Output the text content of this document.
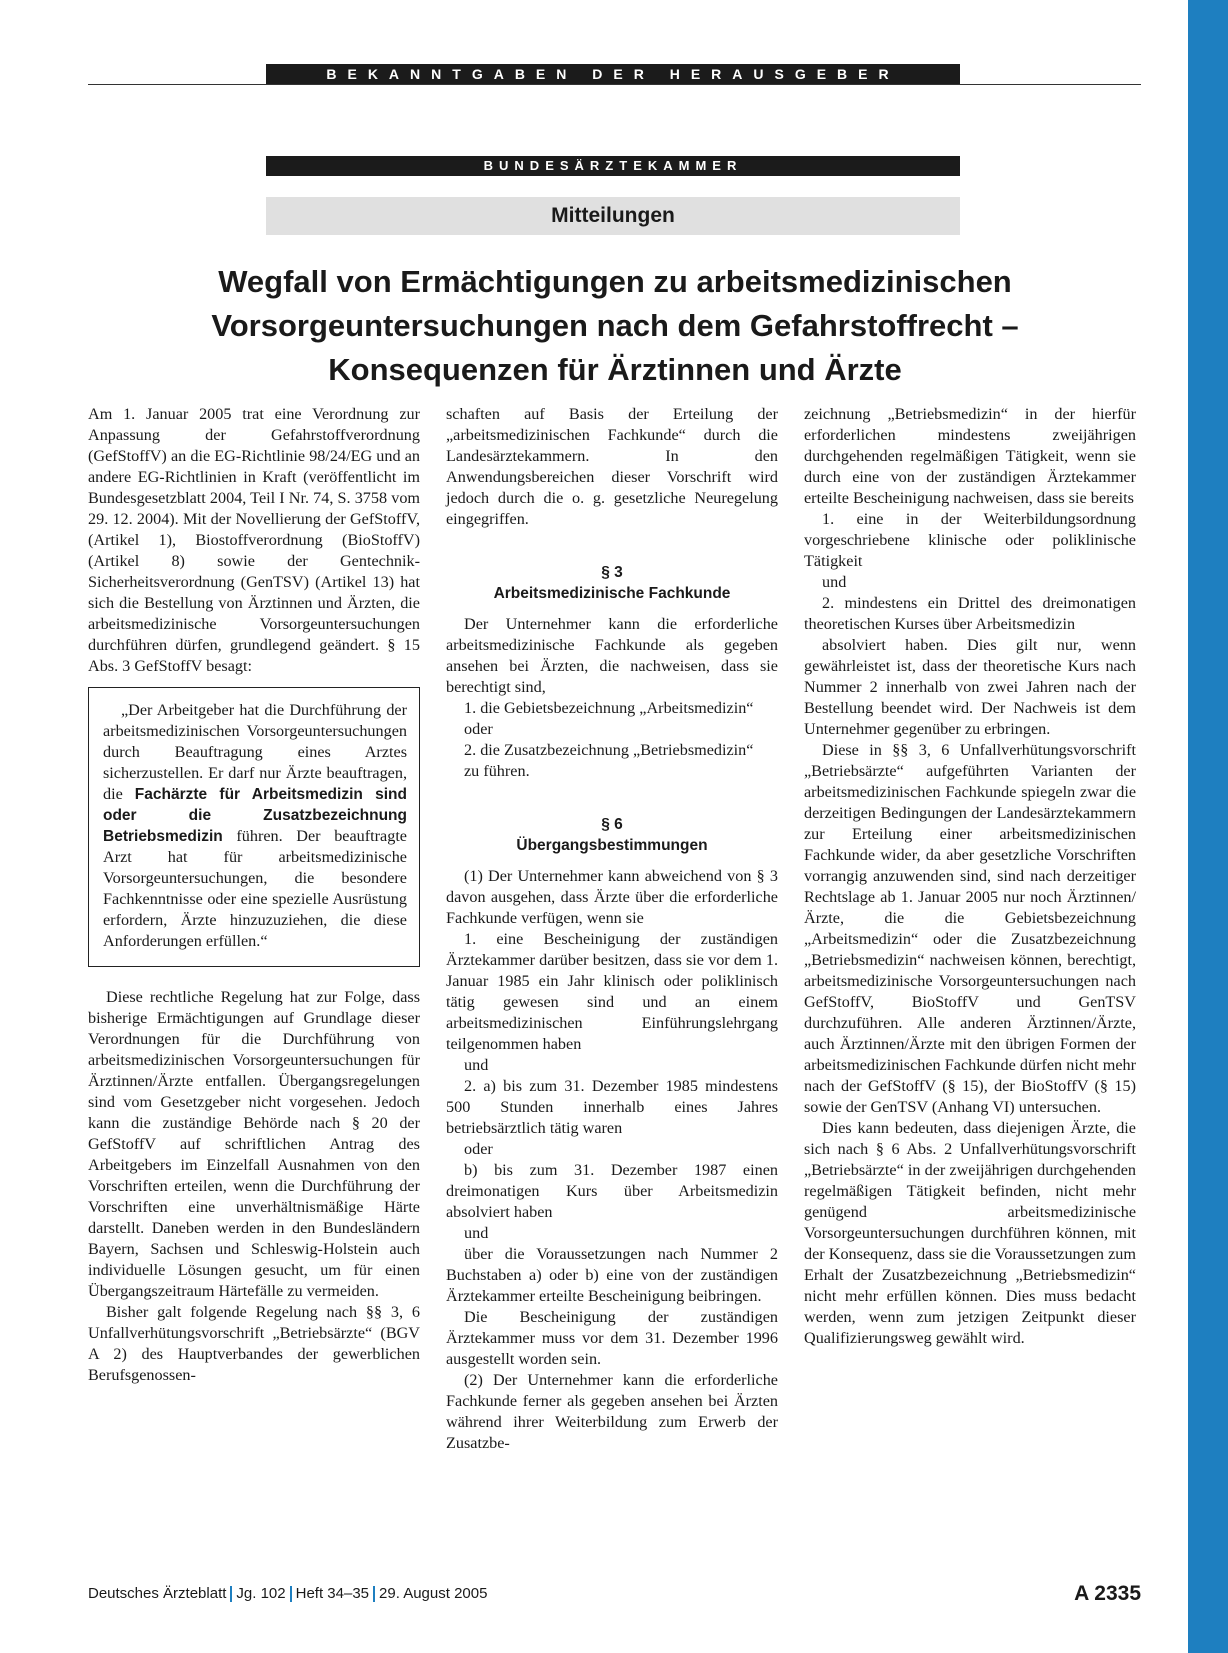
BEKANNTGABEN DER HERAUSGEBER
BUNDESÄRZTEKAMMER
Mitteilungen
Wegfall von Ermächtigungen zu arbeitsmedizinischen
Vorsorgeuntersuchungen nach dem Gefahrstoffrecht –
Konsequenzen für Ärztinnen und Ärzte

Am 1. Januar 2005 trat eine Verordnung zur Anpassung der Gefahrstoffverordnung (GefStoffV) an die EG-Richtlinie 98/24/EG und an andere EG-Richtlinien in Kraft (veröffentlicht im Bundesgesetzblatt 2004, Teil I Nr. 74, S. 3758 vom 29. 12. 2004). Mit der Novellierung der GefStoffV, (Artikel 1), Biostoffverordnung (BioStoffV) (Artikel 8) sowie der Gentechnik-Sicherheitsverordnung (GenTSV) (Artikel 13) hat sich die Bestellung von Ärztinnen und Ärzten, die arbeitsmedizinische Vorsorgeuntersuchungen durchführen dürfen, grundlegend geändert. § 15 Abs. 3 GefStoffV besagt:

„Der Arbeitgeber hat die Durchführung der arbeitsmedizinischen Vorsorgeuntersuchungen durch Beauftragung eines Arztes sicherzustellen. Er darf nur Ärzte beauftragen, die Fachärzte für Arbeitsmedizin sind oder die Zusatzbezeichnung Betriebsmedizin führen. Der beauftragte Arzt hat für arbeitsmedizinische Vorsorgeuntersuchungen, die besondere Fachkenntnisse oder eine spezielle Ausrüstung erfordern, Ärzte hinzuzuziehen, die diese Anforderungen erfüllen.“

Diese rechtliche Regelung hat zur Folge, dass bisherige Ermächtigungen auf Grundlage dieser Verordnungen für die Durchführung von arbeitsmedizinischen Vorsorgeuntersuchungen für Ärztinnen/Ärzte entfallen. Übergangsregelungen sind vom Gesetzgeber nicht vorgesehen. Jedoch kann die zuständige Behörde nach § 20 der GefStoffV auf schriftlichen Antrag des Arbeitgebers im Einzelfall Ausnahmen von den Vorschriften erteilen, wenn die Durchführung der Vorschriften eine unverhältnismäßige Härte darstellt. Daneben werden in den Bundesländern Bayern, Sachsen und Schleswig-Holstein auch individuelle Lösungen gesucht, um für einen Übergangszeitraum Härtefälle zu vermeiden.

Bisher galt folgende Regelung nach §§ 3, 6 Unfallverhütungsvorschrift „Betriebsärzte“ (BGV A 2) des Hauptverbandes der gewerblichen Berufsgenossen-

schaften auf Basis der Erteilung der „arbeitsmedizinischen Fachkunde“ durch die Landesärztekammern. In den Anwendungsbereichen dieser Vorschrift wird jedoch durch die o. g. gesetzliche Neuregelung eingegriffen.

§ 3

Arbeitsmedizinische Fachkunde

Der Unternehmer kann die erforderliche arbeitsmedizinische Fachkunde als gegeben ansehen bei Ärzten, die nachweisen, dass sie berechtigt sind,

1. die Gebietsbezeichnung „Arbeitsmedizin“

oder

2. die Zusatzbezeichnung „Betriebsmedizin“

zu führen.

§ 6

Übergangsbestimmungen

(1) Der Unternehmer kann abweichend von § 3 davon ausgehen, dass Ärzte über die erforderliche Fachkunde verfügen, wenn sie

1. eine Bescheinigung der zuständigen Ärztekammer darüber besitzen, dass sie vor dem 1. Januar 1985 ein Jahr klinisch oder poliklinisch tätig gewesen sind und an einem arbeitsmedizinischen Einführungslehrgang teilgenommen haben

und

2. a) bis zum 31. Dezember 1985 mindestens 500 Stunden innerhalb eines Jahres betriebsärztlich tätig waren

oder

b) bis zum 31. Dezember 1987 einen dreimonatigen Kurs über Arbeitsmedizin absolviert haben

und

über die Voraussetzungen nach Nummer 2 Buchstaben a) oder b) eine von der zuständigen Ärztekammer erteilte Bescheinigung beibringen.

Die Bescheinigung der zuständigen Ärztekammer muss vor dem 31. Dezember 1996 ausgestellt worden sein.

(2) Der Unternehmer kann die erforderliche Fachkunde ferner als gegeben ansehen bei Ärzten während ihrer Weiterbildung zum Erwerb der Zusatzbe-

zeichnung „Betriebsmedizin“ in der hierfür erforderlichen mindestens zweijährigen durchgehenden regelmäßigen Tätigkeit, wenn sie durch eine von der zuständigen Ärztekammer erteilte Bescheinigung nachweisen, dass sie bereits

1. eine in der Weiterbildungsordnung vorgeschriebene klinische oder poliklinische Tätigkeit

und

2. mindestens ein Drittel des dreimonatigen theoretischen Kurses über Arbeitsmedizin

absolviert haben. Dies gilt nur, wenn gewährleistet ist, dass der theoretische Kurs nach Nummer 2 innerhalb von zwei Jahren nach der Bestellung beendet wird. Der Nachweis ist dem Unternehmer gegenüber zu erbringen.

Diese in §§ 3, 6 Unfallverhütungsvorschrift „Betriebsärzte“ aufgeführten Varianten der arbeitsmedizinischen Fachkunde spiegeln zwar die derzeitigen Bedingungen der Landesärztekammern zur Erteilung einer arbeitsmedizinischen Fachkunde wider, da aber gesetzliche Vorschriften vorrangig anzuwenden sind, sind nach derzeitiger Rechtslage ab 1. Januar 2005 nur noch Ärztinnen/Ärzte, die die Gebietsbezeichnung „Arbeitsmedizin“ oder die Zusatzbezeichnung „Betriebsmedizin“ nachweisen können, berechtigt, arbeitsmedizinische Vorsorgeuntersuchungen nach GefStoffV, BioStoffV und GenTSV durchzuführen. Alle anderen Ärztinnen/Ärzte, auch Ärztinnen/Ärzte mit den übrigen Formen der arbeitsmedizinischen Fachkunde dürfen nicht mehr nach der GefStoffV (§ 15), der BioStoffV (§ 15) sowie der GenTSV (Anhang VI) untersuchen.

Dies kann bedeuten, dass diejenigen Ärzte, die sich nach § 6 Abs. 2 Unfallverhütungsvorschrift „Betriebsärzte“ in der zweijährigen durchgehenden regelmäßigen Tätigkeit befinden, nicht mehr genügend arbeitsmedizinische Vorsorgeuntersuchungen durchführen können, mit der Konsequenz, dass sie die Voraussetzungen zum Erhalt der Zusatzbezeichnung „Betriebsmedizin“ nicht mehr erfüllen können. Dies muss bedacht werden, wenn zum jetzigen Zeitpunkt dieser Qualifizierungsweg gewählt wird.

Deutsches Ärzteblatt Jg. 102 Heft 34–35 29. August 2005	A 2335
